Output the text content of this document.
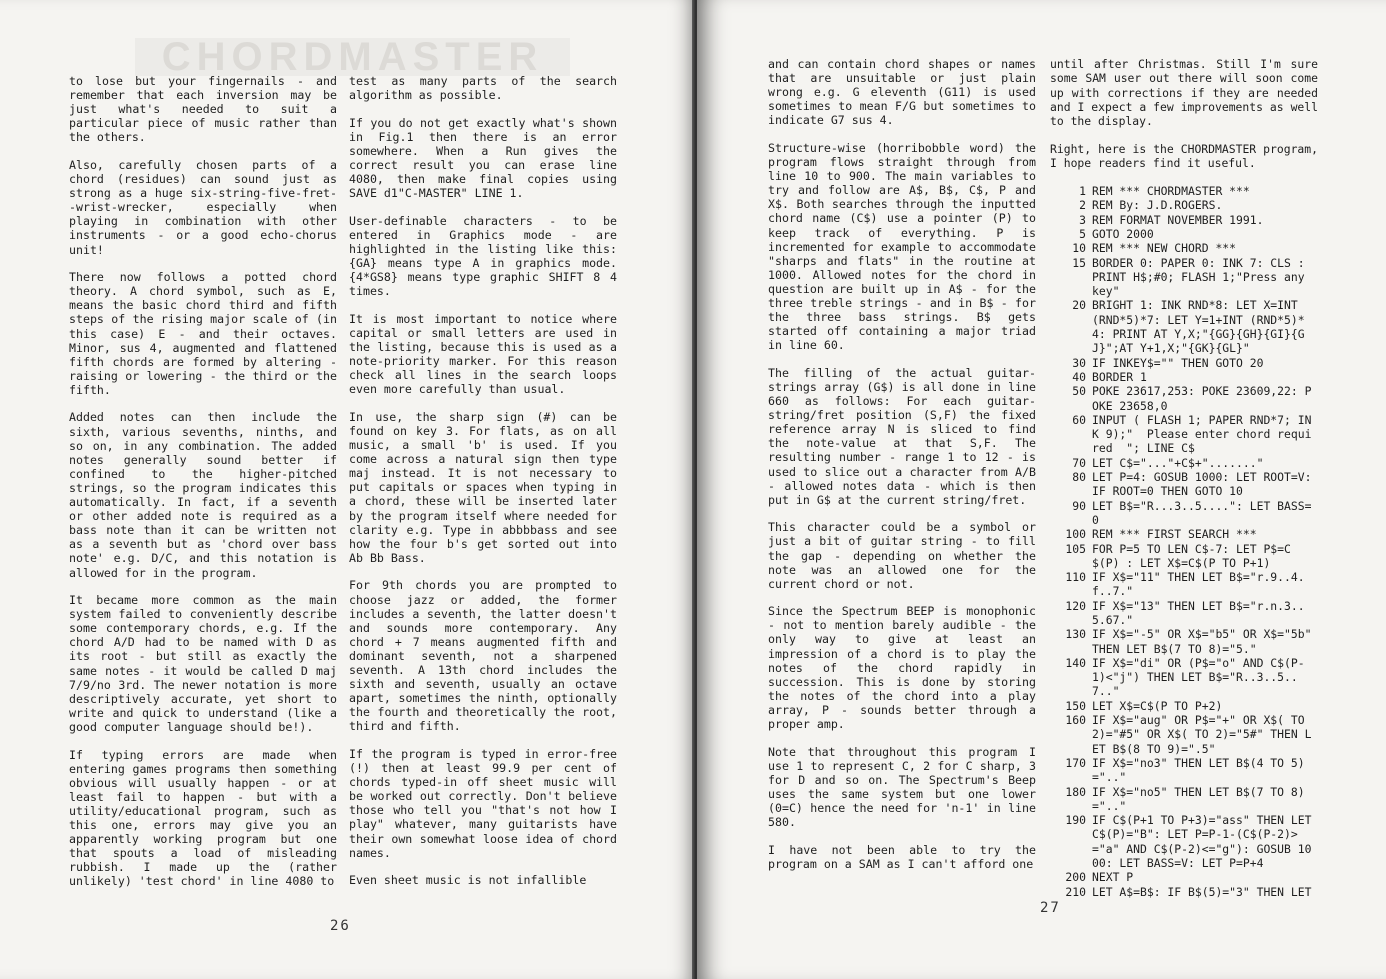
CHORDMASTER

to lose but your fingernails - and remember that each inversion may be just what's needed to suit a particular piece of music rather than the others.

Also, carefully chosen parts of a chord (residues) can sound just as strong as a huge six-string-five-fret--wrist-wrecker, especially when playing in combination with other instruments - or a good echo-chorus unit!

There now follows a potted chord theory. A chord symbol, such as E, means the basic chord third and fifth steps of the rising major scale of (in this case) E - and their octaves. Minor, sus 4, augmented and flattened fifth chords are formed by altering - raising or lowering - the third or the fifth.

Added notes can then include the sixth, various sevenths, ninths, and so on, in any combination. The added notes generally sound better if confined to the higher-pitched strings, so the program indicates this automatically. In fact, if a seventh or other added note is required as a bass note than it can be written not as a seventh but as 'chord over bass note' e.g. D/C, and this notation is allowed for in the program.

It became more common as the main system failed to conveniently describe some contemporary chords, e.g. If the chord A/D had to be named with D as its root - but still as exactly the same notes - it would be called D maj 7/9/no 3rd. The newer notation is more descriptively accurate, yet short to write and quick to understand (like a good computer language should be!).

If typing errors are made when entering games programs then something obvious will usually happen - or at least fail to happen - but with a utility/educational program, such as this one, errors may give you an apparently working program but one that spouts a load of misleading rubbish. I made up the (rather unlikely) 'test chord' in line 4080 to

test as many parts of the search algorithm as possible.

If you do not get exactly what's shown in Fig.1 then there is an error somewhere. When a Run gives the correct result you can erase line 4080, then make final copies using SAVE d1"C-MASTER" LINE 1.

User-definable characters - to be entered in Graphics mode - are highlighted in the listing like this: {GA} means type A in graphics mode. {4*GS8} means type graphic SHIFT 8 4 times.

It is most important to notice where capital or small letters are used in the listing, because this is used as a note-priority marker. For this reason check all lines in the search loops even more carefully than usual.

In use, the sharp sign (#) can be found on key 3. For flats, as on all music, a small 'b' is used. If you come across a natural sign then type maj instead. It is not necessary to put capitals or spaces when typing in a chord, these will be inserted later by the program itself where needed for clarity e.g. Type in abbbbass and see how the four b's get sorted out into Ab Bb Bass.

For 9th chords you are prompted to choose jazz or added, the former includes a seventh, the latter doesn't and sounds more contemporary. Any chord + 7 means augmented fifth and dominant seventh, not a sharpened seventh. A 13th chord includes the sixth and seventh, usually an octave apart, sometimes the ninth, optionally the fourth and theoretically the root, third and fifth.

If the program is typed in error-free (!) then at least 99.9 per cent of chords typed-in off sheet music will be worked out correctly. Don't believe those who tell you "that's not how I play" whatever, many guitarists have their own somewhat loose idea of chord names.

Even sheet music is not infallible

26

and can contain chord shapes or names that are unsuitable or just plain wrong e.g. G eleventh (G11) is used sometimes to mean F/G but sometimes to indicate G7 sus 4.

Structure-wise (horribobble word) the program flows straight through from line 10 to 900. The main variables to try and follow are A$, B$, C$, P and X$. Both searches through the inputted chord name (C$) use a pointer (P) to keep track of everything. P is incremented for example to accommodate "sharps and flats" in the routine at 1000. Allowed notes for the chord in question are built up in A$ - for the three treble strings - and in B$ - for the three bass strings. B$ gets started off containing a major triad in line 60.

The filling of the actual guitar-strings array (G$) is all done in line 660 as follows: For each guitar-string/fret position (S,F) the fixed reference array N is sliced to find the note-value at that S,F. The resulting number - range 1 to 12 - is used to slice out a character from A/B - allowed notes data - which is then put in G$ at the current string/fret.

This character could be a symbol or just a bit of guitar string - to fill the gap - depending on whether the note was an allowed one for the current chord or not.

Since the Spectrum BEEP is monophonic - not to mention barely audible - the only way to give at least an impression of a chord is to play the notes of the chord rapidly in succession. This is done by storing the notes of the chord into a play array, P - sounds better through a proper amp.

Note that throughout this program I use 1 to represent C, 2 for C sharp, 3 for D and so on. The Spectrum's Beep uses the same system but one lower (0=C) hence the need for 'n-1' in line 580.

I have not been able to try the program on a SAM as I can't afford one

until after Christmas. Still I'm sure some SAM user out there will soon come up with corrections if they are needed and I expect a few improvements as well to the display.

Right, here is the CHORDMASTER program, I hope readers find it useful.

1 REM *** CHORDMASTER ***
2 REM By: J.D.ROGERS.
3 REM FORMAT NOVEMBER 1991.
5 GOTO 2000
10 REM *** NEW CHORD ***
15 BORDER 0: PAPER 0: INK 7: CLS : PRINT H$;#0; FLASH 1;"Press any key"
20 BRIGHT 1: INK RND*8: LET X=INT (RND*5)*7: LET Y=1+INT (RND*5)*4: PRINT AT Y,X;"{GG}{GH}{GI}{GJ}";AT Y+1,X;"{GK}{GL}"
30 IF INKEY$="" THEN GOTO 20
40 BORDER 1
50 POKE 23617,253: POKE 23609,22: POKE 23658,0
60 INPUT ( FLASH 1; PAPER RND*7; INK 9);"  Please enter chord required  "; LINE C$
70 LET C$="..."+C$+"......."
80 LET P=4: GOSUB 1000: LET ROOT=V: IF ROOT=0 THEN GOTO 10
90 LET B$="R...3..5....": LET BASS=0
100 REM *** FIRST SEARCH ***
105 FOR P=5 TO LEN C$-7: LET P$=C$(P) : LET X$=C$(P TO P+1)
110 IF X$="11" THEN LET B$="r.9..4.f..7."
120 IF X$="13" THEN LET B$="r.n.3..5.67."
130 IF X$="-5" OR X$="b5" OR X$="5b" THEN LET B$(7 TO 8)="5."
140 IF X$="di" OR (P$="o" AND C$(P-1)<"j") THEN LET B$="R..3..5..7.."
150 LET X$=C$(P TO P+2)
160 IF X$="aug" OR P$="+" OR X$( TO 2)="#5" OR X$( TO 2)="5#" THEN LET B$(8 TO 9)=".5"
170 IF X$="no3" THEN LET B$(4 TO 5)=".."
180 IF X$="no5" THEN LET B$(7 TO 8)=".."
190 IF C$(P+1 TO P+3)="ass" THEN LET C$(P)="B": LET P=P-1-(C$(P-2)>="a" AND C$(P-2)<="g"): GOSUB 1000: LET BASS=V: LET P=P+4
200 NEXT P
210 LET A$=B$: IF B$(5)="3" THEN LET
27
